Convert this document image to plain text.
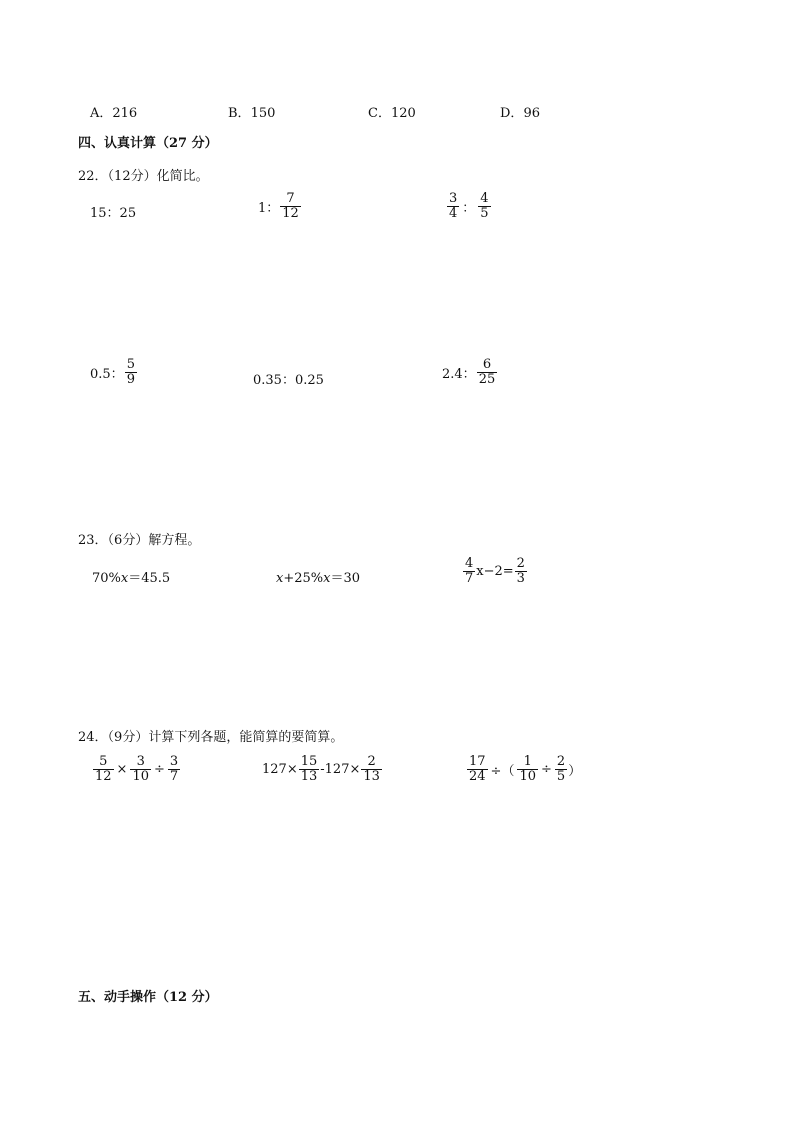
A．216	B．150	C．120	D．96
四、认真计算（27 分）
22．（12分）化简比。
15：25	1： $\frac{7}{12}$	$\frac{3}{4}$ ： $\frac{4}{5}$
0.5： $\frac{5}{9}$	0.35：0.25	2.4： $\frac{6}{25}$
23．（6分）解方程。
70%x＝45.5	x+25%x＝30	$\frac{4}{7} x-2= \frac{2}{3}$
24．（9分）计算下列各题，能简算的要简算。
$\frac{5}{12} \times \frac{3}{10} \div \frac{3}{7}$	$127\times \frac{15}{13} -127\times \frac{2}{13}$	$\frac{17}{24}$ ÷（ $\frac{1}{10} \div \frac{2}{5}$ ）
五、动手操作（12 分）
